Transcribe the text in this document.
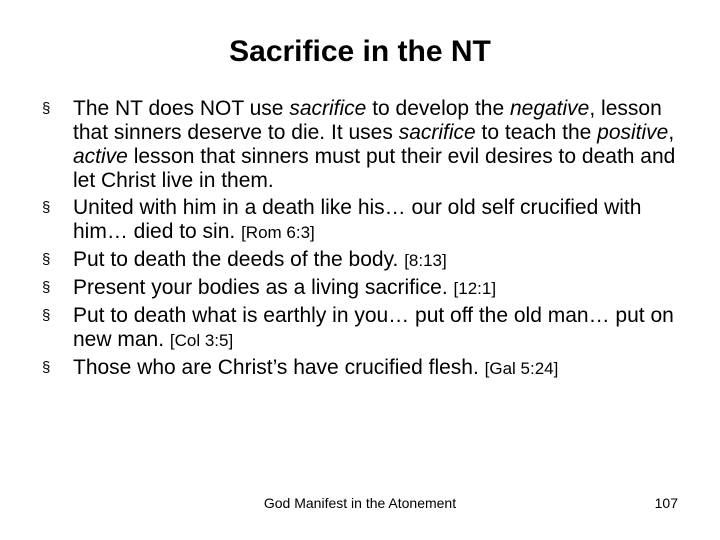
Sacrifice in the NT
§ The NT does NOT use sacrifice to develop the negative, lesson that sinners deserve to die. It uses sacrifice to teach the positive, active lesson that sinners must put their evil desires to death and let Christ live in them.
§ United with him in a death like his… our old self crucified with him… died to sin. [Rom 6:3]
§ Put to death the deeds of the body. [8:13]
§ Present your bodies as a living sacrifice. [12:1]
§ Put to death what is earthly in you… put off the old man… put on new man. [Col 3:5]
§ Those who are Christ’s have crucified flesh. [Gal 5:24]
God Manifest in the Atonement	107
